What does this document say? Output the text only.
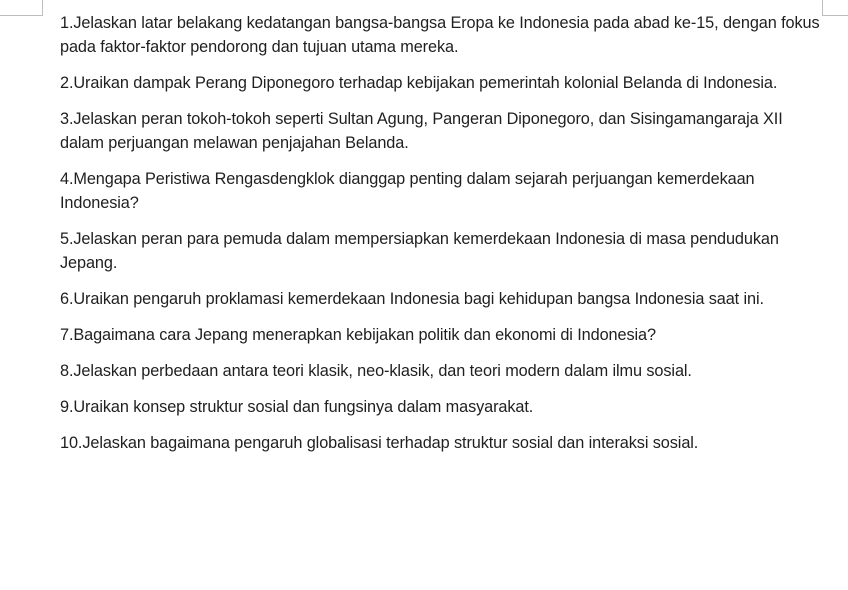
1.Jelaskan latar belakang kedatangan bangsa-bangsa Eropa ke Indonesia pada abad ke-15, dengan fokus pada faktor-faktor pendorong dan tujuan utama mereka.

2.Uraikan dampak Perang Diponegoro terhadap kebijakan pemerintah kolonial Belanda di Indonesia.

3.Jelaskan peran tokoh-tokoh seperti Sultan Agung, Pangeran Diponegoro, dan Sisingamangaraja XII dalam perjuangan melawan penjajahan Belanda.

4.Mengapa Peristiwa Rengasdengklok dianggap penting dalam sejarah perjuangan kemerdekaan Indonesia?

5.Jelaskan peran para pemuda dalam mempersiapkan kemerdekaan Indonesia di masa pendudukan Jepang.

6.Uraikan pengaruh proklamasi kemerdekaan Indonesia bagi kehidupan bangsa Indonesia saat ini.

7.Bagaimana cara Jepang menerapkan kebijakan politik dan ekonomi di Indonesia?

8.Jelaskan perbedaan antara teori klasik, neo-klasik, dan teori modern dalam ilmu sosial.

9.Uraikan konsep struktur sosial dan fungsinya dalam masyarakat.

10.Jelaskan bagaimana pengaruh globalisasi terhadap struktur sosial dan interaksi sosial.
